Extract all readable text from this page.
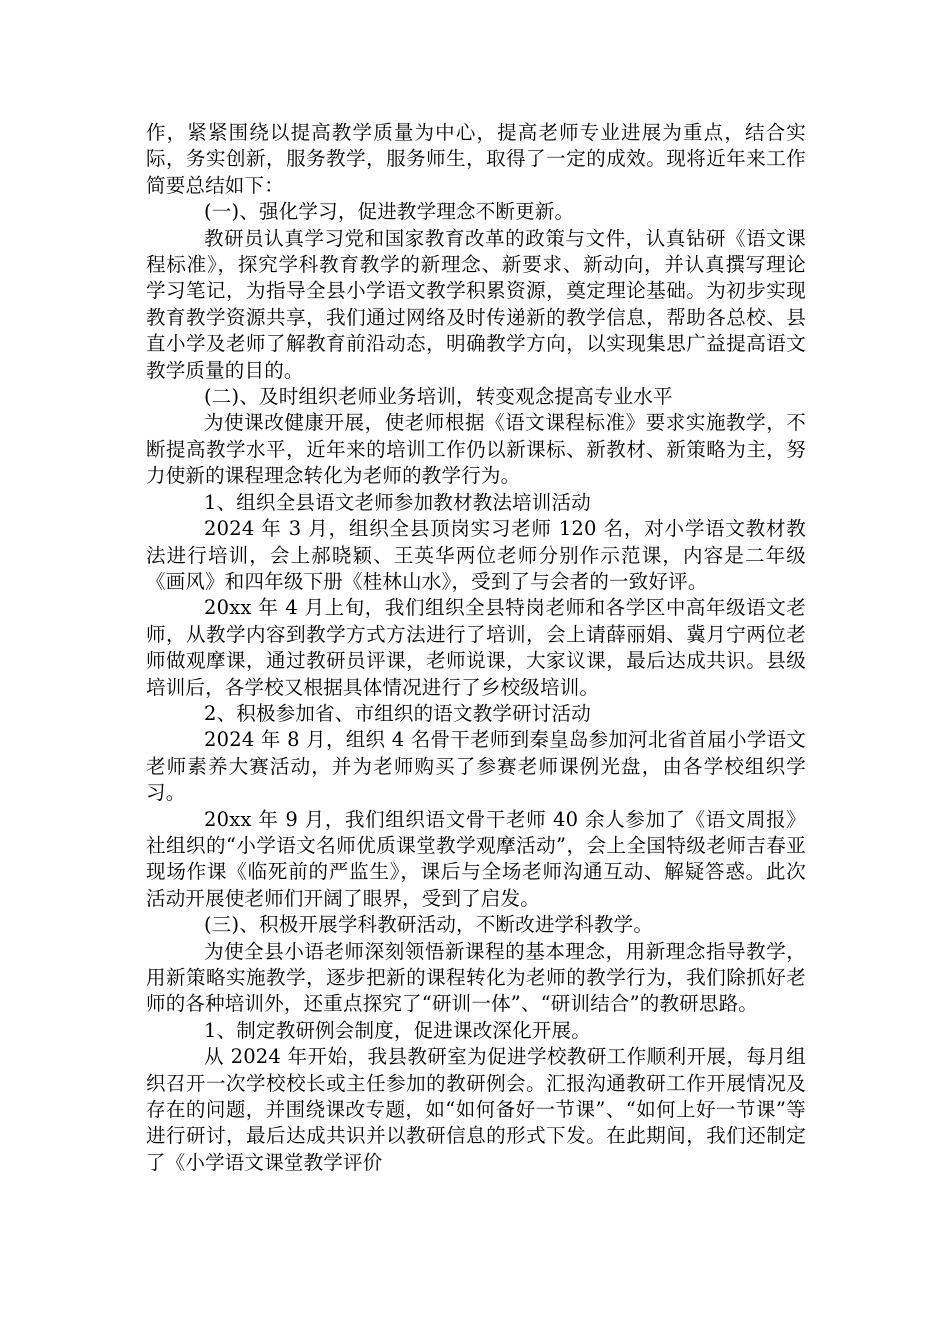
作，紧紧围绕以提高教学质量为中心，提高老师专业进展为重点，结合实际，务实创新，服务教学，服务师生，取得了一定的成效。现将近年来工作简要总结如下：

(一)、强化学习，促进教学理念不断更新。

教研员认真学习党和国家教育改革的政策与文件，认真钻研《语文课程标准》，探究学科教育教学的新理念、新要求、新动向，并认真撰写理论学习笔记，为指导全县小学语文教学积累资源，奠定理论基础。为初步实现教育教学资源共享，我们通过网络及时传递新的教学信息，帮助各总校、县直小学及老师了解教育前沿动态，明确教学方向，以实现集思广益提高语文教学质量的目的。

(二)、及时组织老师业务培训，转变观念提高专业水平

为使课改健康开展，使老师根据《语文课程标准》要求实施教学，不断提高教学水平，近年来的培训工作仍以新课标、新教材、新策略为主，努力使新的课程理念转化为老师的教学行为。

1、组织全县语文老师参加教材教法培训活动

2024 年 3 月，组织全县顶岗实习老师 120 名，对小学语文教材教法进行培训，会上郝晓颖、王英华两位老师分别作示范课，内容是二年级《画风》和四年级下册《桂林山水》，受到了与会者的一致好评。

20xx 年 4 月上旬，我们组织全县特岗老师和各学区中高年级语文老师，从教学内容到教学方式方法进行了培训，会上请薛丽娟、冀月宁两位老师做观摩课，通过教研员评课，老师说课，大家议课，最后达成共识。县级培训后，各学校又根据具体情况进行了乡校级培训。

2、积极参加省、市组织的语文教学研讨活动

2024 年 8 月，组织 4 名骨干老师到秦皇岛参加河北省首届小学语文老师素养大赛活动，并为老师购买了参赛老师课例光盘，由各学校组织学习。

20xx 年 9 月，我们组织语文骨干老师 40 余人参加了《语文周报》社组织的“小学语文名师优质课堂教学观摩活动”，会上全国特级老师吉春亚现场作课《临死前的严监生》，课后与全场老师沟通互动、解疑答惑。此次活动开展使老师们开阔了眼界，受到了启发。

(三)、积极开展学科教研活动，不断改进学科教学。

为使全县小语老师深刻领悟新课程的基本理念，用新理念指导教学，用新策略实施教学，逐步把新的课程转化为老师的教学行为，我们除抓好老师的各种培训外，还重点探究了“研训一体”、“研训结合”的教研思路。

1、制定教研例会制度，促进课改深化开展。

从 2024 年开始，我县教研室为促进学校教研工作顺利开展，每月组织召开一次学校校长或主任参加的教研例会。汇报沟通教研工作开展情况及存在的问题，并围绕课改专题，如“如何备好一节课”、“如何上好一节课”等进行研讨，最后达成共识并以教研信息的形式下发。在此期间，我们还制定了《小学语文课堂教学评价
